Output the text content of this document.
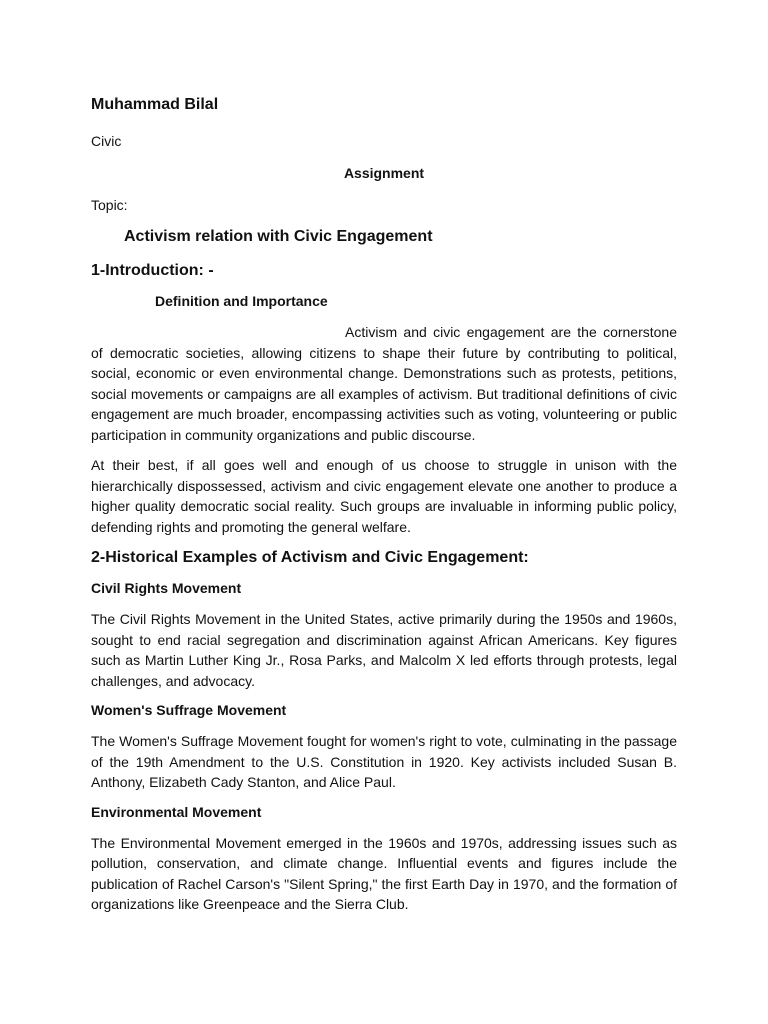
Muhammad Bilal
Civic
Assignment
Topic:
Activism relation with Civic Engagement
1-Introduction: -
Definition and Importance

Activism and civic engagement are the cornerstone of democratic societies, allowing citizens to shape their future by contributing to political, social, economic or even environmental change. Demonstrations such as protests, petitions, social movements or campaigns are all examples of activism. But traditional definitions of civic engagement are much broader, encompassing activities such as voting, volunteering or public participation in community organizations and public discourse.

At their best, if all goes well and enough of us choose to struggle in unison with the hierarchically dispossessed, activism and civic engagement elevate one another to produce a higher quality democratic social reality. Such groups are invaluable in informing public policy, defending rights and promoting the general welfare.

2-Historical Examples of Activism and Civic Engagement:
Civil Rights Movement

The Civil Rights Movement in the United States, active primarily during the 1950s and 1960s, sought to end racial segregation and discrimination against African Americans. Key figures such as Martin Luther King Jr., Rosa Parks, and Malcolm X led efforts through protests, legal challenges, and advocacy.

Women's Suffrage Movement

The Women's Suffrage Movement fought for women's right to vote, culminating in the passage of the 19th Amendment to the U.S. Constitution in 1920. Key activists included Susan B. Anthony, Elizabeth Cady Stanton, and Alice Paul.

Environmental Movement

The Environmental Movement emerged in the 1960s and 1970s, addressing issues such as pollution, conservation, and climate change. Influential events and figures include the publication of Rachel Carson's "Silent Spring," the first Earth Day in 1970, and the formation of organizations like Greenpeace and the Sierra Club.
